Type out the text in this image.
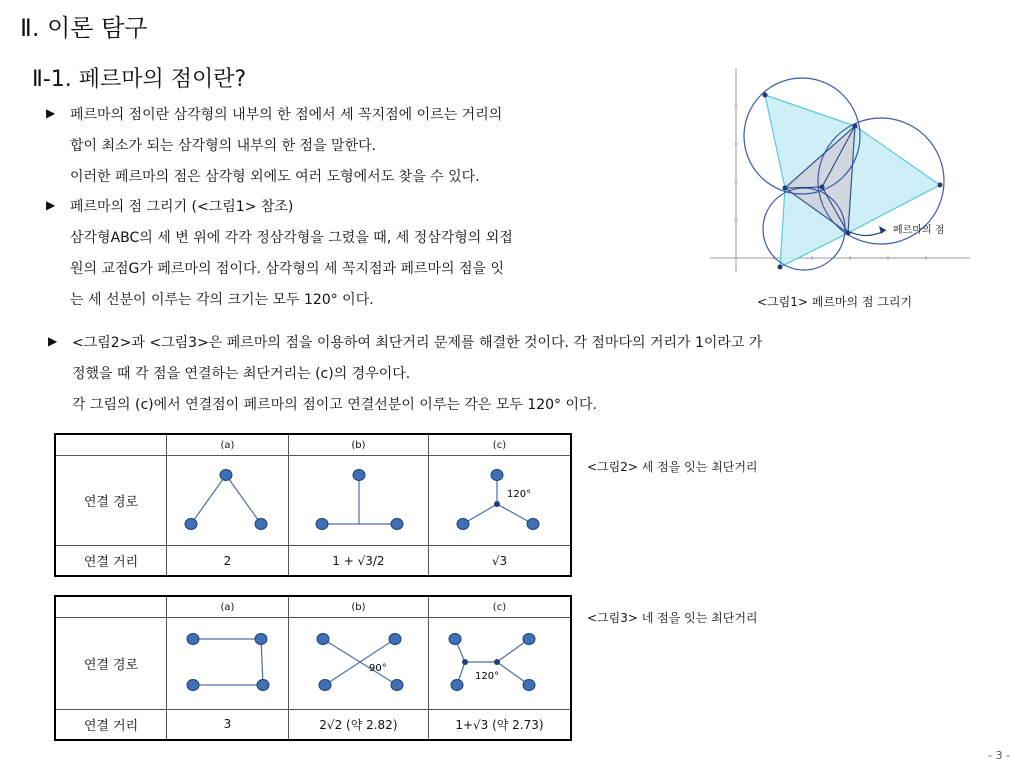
Ⅱ. 이론 탐구
Ⅱ-1. 페르마의 점이란?
▶ 페르마의 점이란 삼각형의 내부의 한 점에서 세 꼭지점에 이르는 거리의
합이 최소가 되는 삼각형의 내부의 한 점을 말한다.
이러한 페르마의 점은 삼각형 외에도 여러 도형에서도 찾을 수 있다.
▶ 페르마의 점 그리기 (<그림1> 참조)
삼각형ABC의 세 변 위에 각각 정삼각형을 그렸을 때, 세 정삼각형의 외접
원의 교점G가 페르마의 점이다. 삼각형의 세 꼭지점과 페르마의 점을 잇
는 세 선분이 이루는 각의 크기는 모두 120° 이다.
페르마의 점
<그림1> 페르마의 점 그리기
▶ <그림2>과 <그림3>은 페르마의 점을 이용하여 최단거리 문제를 해결한 것이다. 각 점마다의 거리가 1이라고 가
정했을 때 각 점을 연결하는 최단거리는 (c)의 경우이다.
각 그림의 (c)에서 연결점이 페르마의 점이고 연결선분이 이루는 각은 모두 120° 이다.
	(a)	(b)	(c)
연결 경로			120°

연결 거리	2	1 + √3/2	√3
<그림2> 세 점을 잇는 최단거리
	(a)	(b)	(c)
연결 경로		90°	120°

연결 거리	3	2√2 (약 2.82)	1+√3 (약 2.73)
<그림3> 네 점을 잇는 최단거리
- 3 -
